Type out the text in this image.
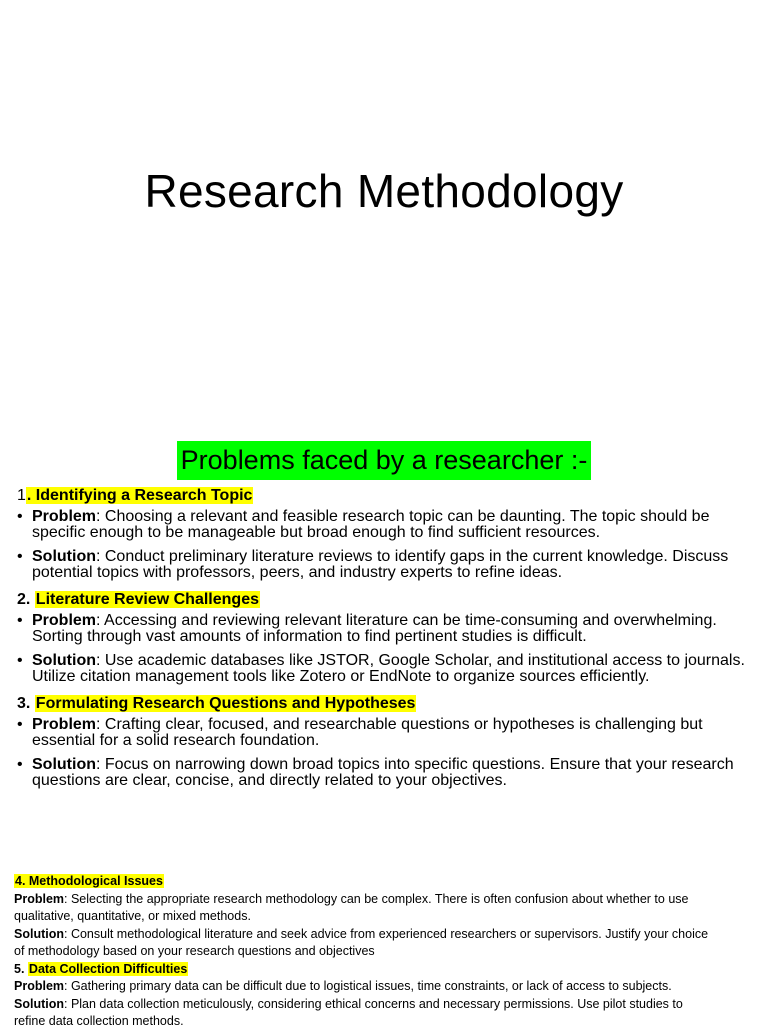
Research Methodology
Problems faced by a researcher :-
1. Identifying a Research Topic
• Problem: Choosing a relevant and feasible research topic can be daunting. The topic should be specific enough to be manageable but broad enough to find sufficient resources.
• Solution: Conduct preliminary literature reviews to identify gaps in the current knowledge. Discuss potential topics with professors, peers, and industry experts to refine ideas.
2. Literature Review Challenges
• Problem: Accessing and reviewing relevant literature can be time-consuming and overwhelming. Sorting through vast amounts of information to find pertinent studies is difficult.
• Solution: Use academic databases like JSTOR, Google Scholar, and institutional access to journals. Utilize citation management tools like Zotero or EndNote to organize sources efficiently.
3. Formulating Research Questions and Hypotheses
• Problem: Crafting clear, focused, and researchable questions or hypotheses is challenging but essential for a solid research foundation.
• Solution: Focus on narrowing down broad topics into specific questions. Ensure that your research questions are clear, concise, and directly related to your objectives.
4. Methodological Issues
Problem: Selecting the appropriate research methodology can be complex. There is often confusion about whether to use
qualitative, quantitative, or mixed methods.
Solution: Consult methodological literature and seek advice from experienced researchers or supervisors. Justify your choice
of methodology based on your research questions and objectives
5. Data Collection Difficulties
Problem: Gathering primary data can be difficult due to logistical issues, time constraints, or lack of access to subjects.
Solution: Plan data collection meticulously, considering ethical concerns and necessary permissions. Use pilot studies to
refine data collection methods.
